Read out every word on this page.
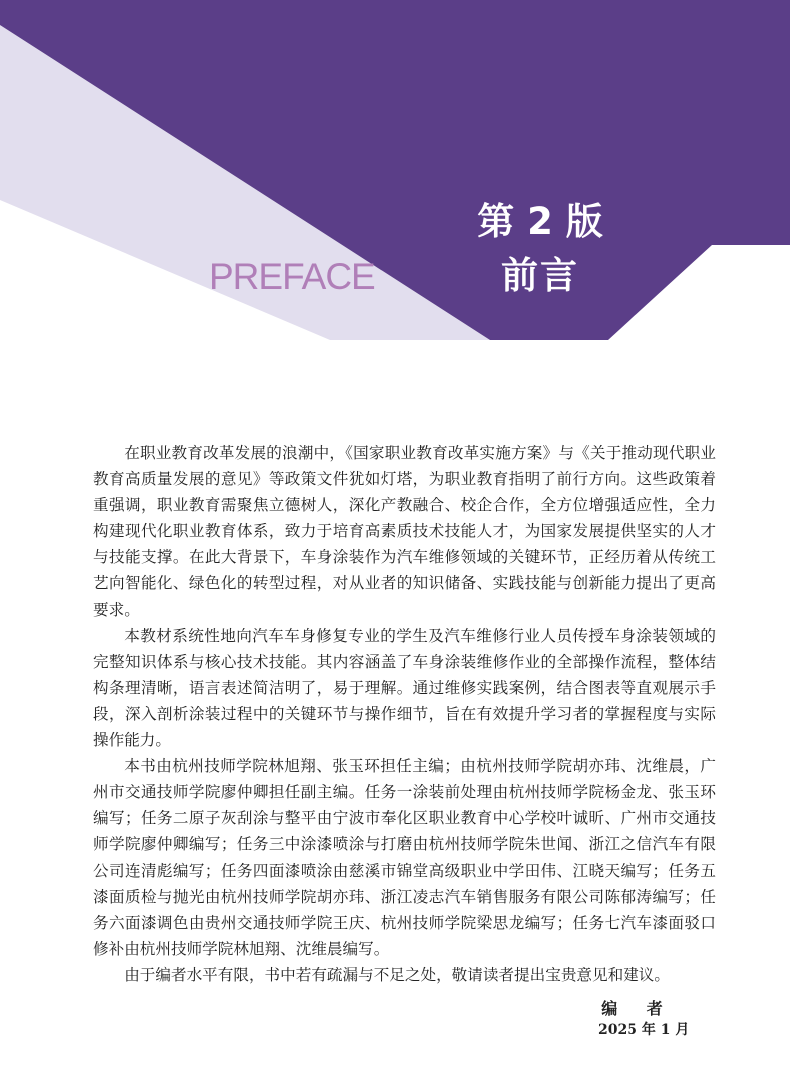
第 2 版
前言
PREFACE

在职业教育改革发展的浪潮中，《国家职业教育改革实施方案》与《关于推动现代职业教育高质量发展的意见》等政策文件犹如灯塔，为职业教育指明了前行方向。这些政策着重强调，职业教育需聚焦立德树人，深化产教融合、校企合作，全方位增强适应性，全力构建现代化职业教育体系，致力于培育高素质技术技能人才，为国家发展提供坚实的人才与技能支撑。在此大背景下，车身涂装作为汽车维修领域的关键环节，正经历着从传统工艺向智能化、绿色化的转型过程，对从业者的知识储备、实践技能与创新能力提出了更高要求。

本教材系统性地向汽车车身修复专业的学生及汽车维修行业人员传授车身涂装领域的完整知识体系与核心技术技能。其内容涵盖了车身涂装维修作业的全部操作流程，整体结构条理清晰，语言表述简洁明了，易于理解。通过维修实践案例，结合图表等直观展示手段，深入剖析涂装过程中的关键环节与操作细节，旨在有效提升学习者的掌握程度与实际操作能力。

本书由杭州技师学院林旭翔、张玉环担任主编；由杭州技师学院胡亦玮、沈维晨，广州市交通技师学院廖仲卿担任副主编。任务一涂装前处理由杭州技师学院杨金龙、张玉环编写；任务二原子灰刮涂与整平由宁波市奉化区职业教育中心学校叶诚昕、广州市交通技师学院廖仲卿编写；任务三中涂漆喷涂与打磨由杭州技师学院朱世闻、浙江之信汽车有限公司连清彪编写；任务四面漆喷涂由慈溪市锦堂高级职业中学田伟、江晓天编写；任务五漆面质检与抛光由杭州技师学院胡亦玮、浙江凌志汽车销售服务有限公司陈郁涛编写；任务六面漆调色由贵州交通技师学院王庆、杭州技师学院梁思龙编写；任务七汽车漆面驳口修补由杭州技师学院林旭翔、沈维晨编写。

由于编者水平有限，书中若有疏漏与不足之处，敬请读者提出宝贵意见和建议。

编 者
2025 年 1 月
